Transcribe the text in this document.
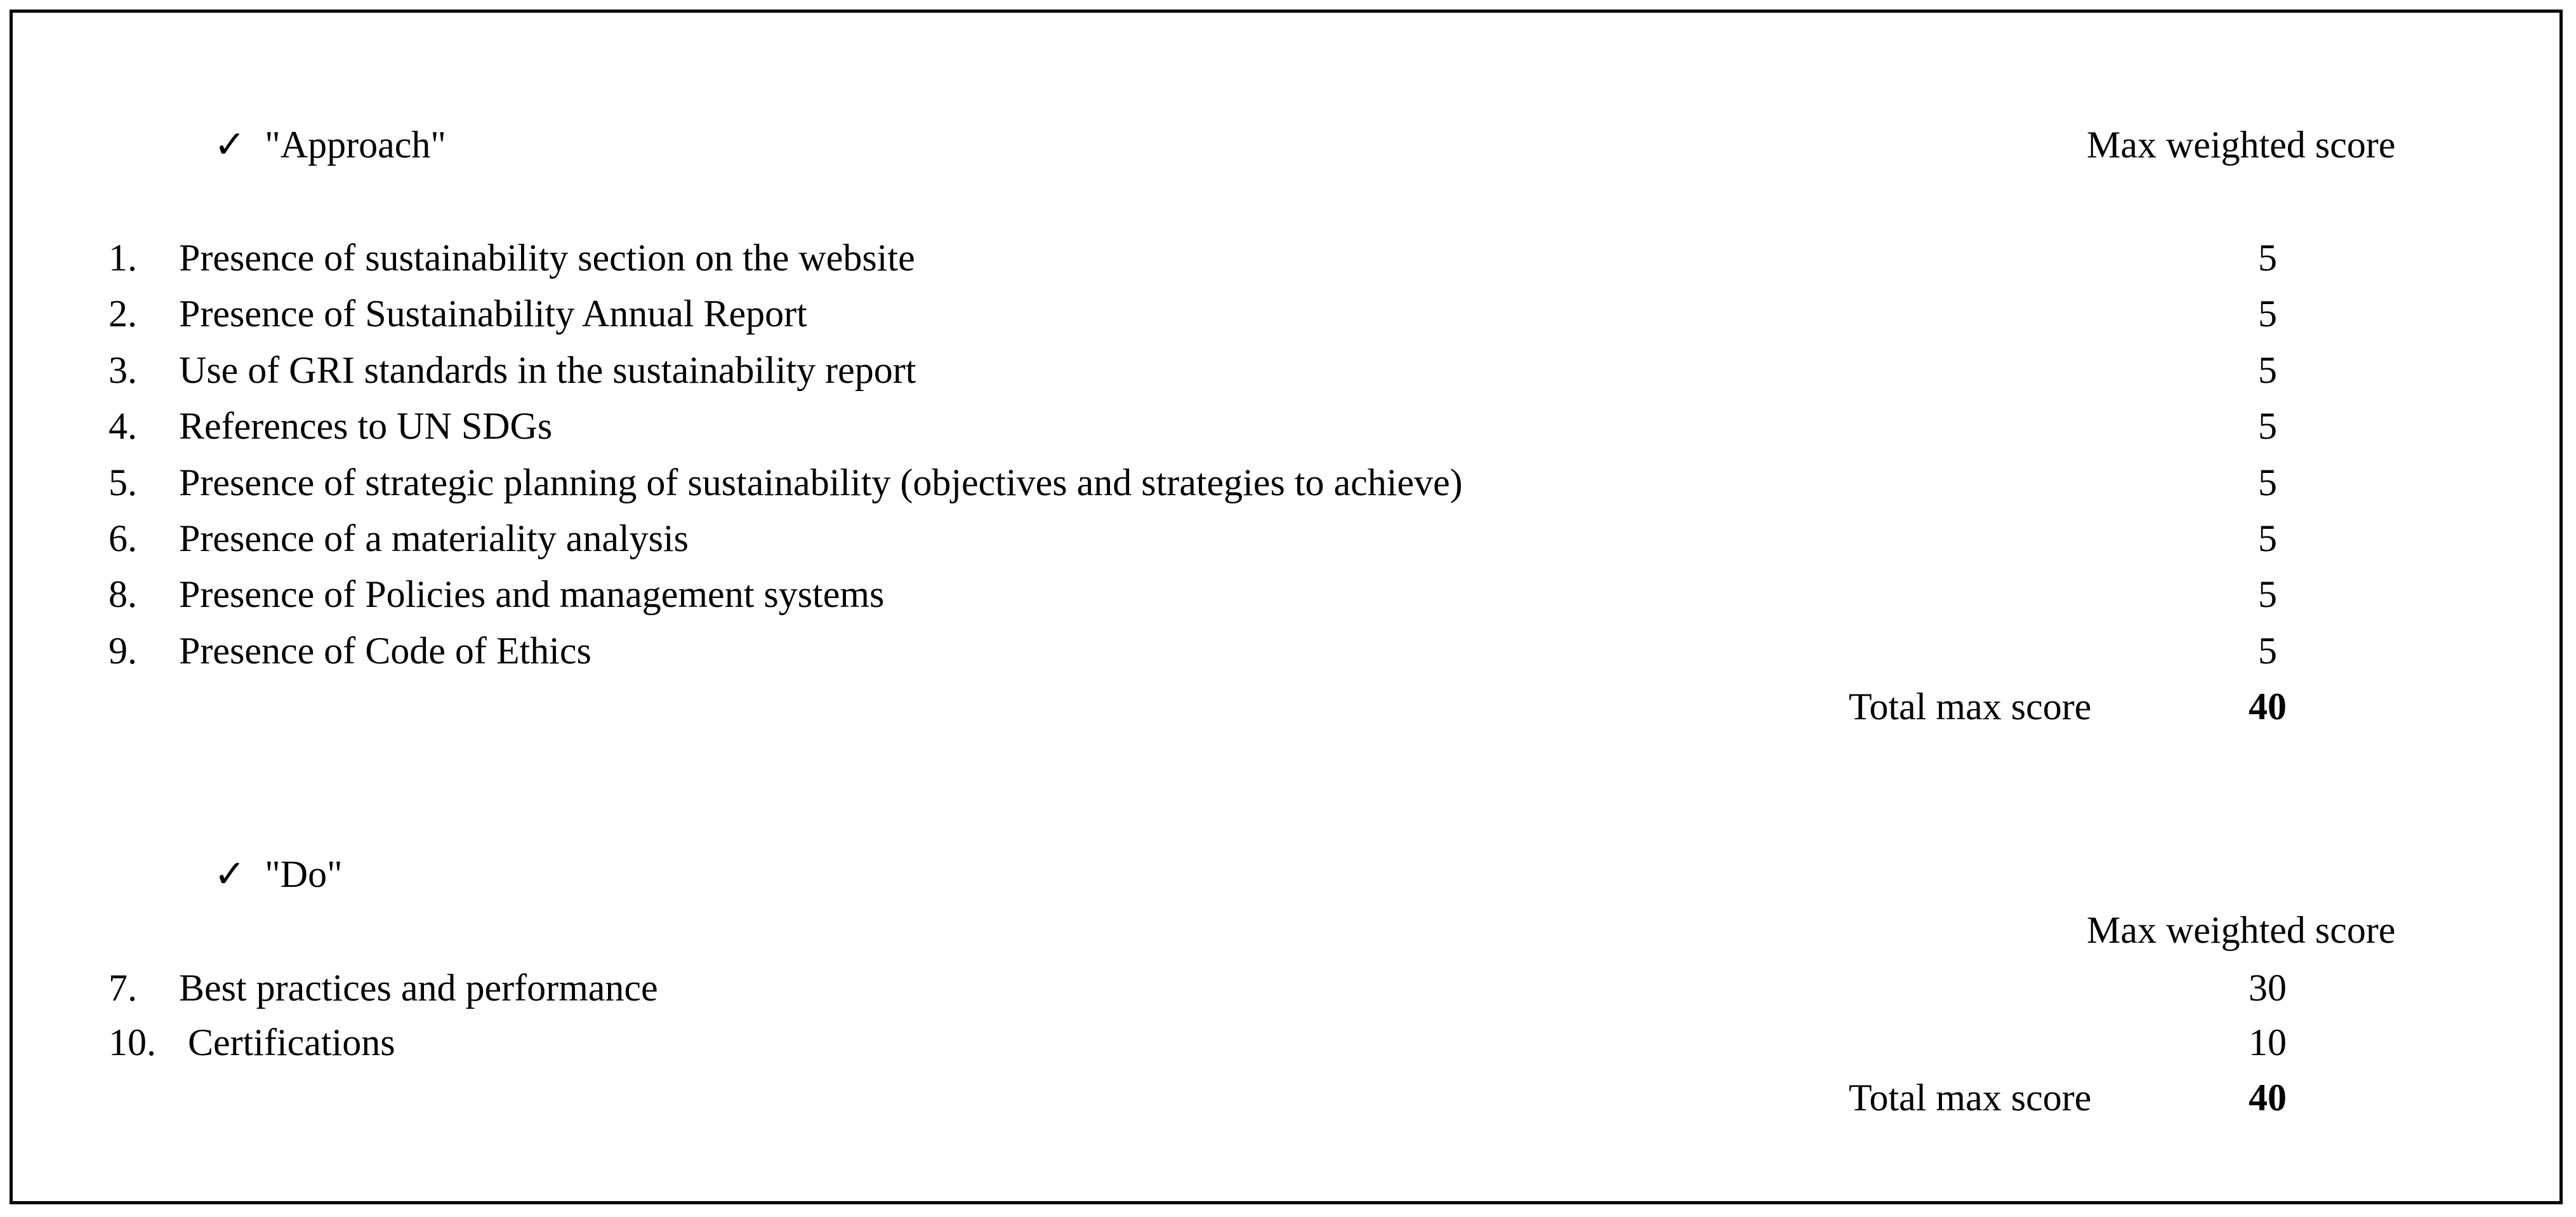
✓ "Approach"	Max weighted score
1. Presence of sustainability section on the website	5
2. Presence of Sustainability Annual Report	5
3. Use of GRI standards in the sustainability report	5
4. References to UN SDGs	5
5. Presence of strategic planning of sustainability (objectives and strategies to achieve)	5
6. Presence of a materiality analysis	5
8. Presence of Policies and management systems	5
9. Presence of Code of Ethics	5
Total max score	40
✓ "Do"
Max weighted score
7. Best practices and performance	30
10. Certifications	10
Total max score	40
